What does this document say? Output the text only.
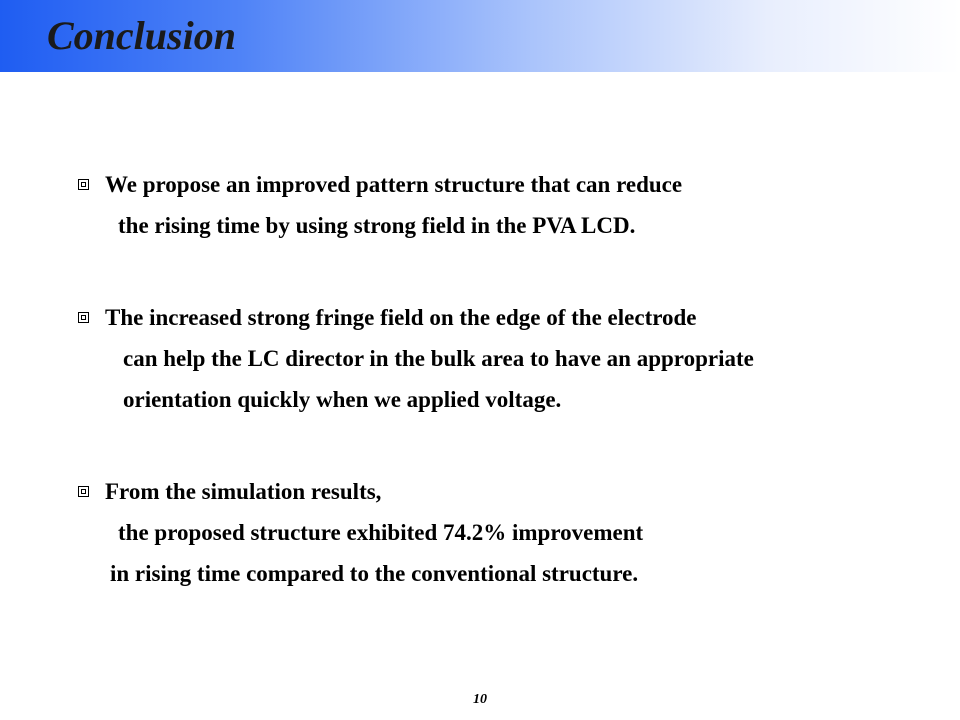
Conclusion
We propose an improved pattern structure that can reduce
the rising time by using strong field in the PVA LCD.
The increased strong fringe field on the edge of the electrode
can help the LC director in the bulk area to have an appropriate
orientation quickly when we applied voltage.
From the simulation results,
the proposed structure exhibited 74.2% improvement
in rising time compared to the conventional structure.
10
